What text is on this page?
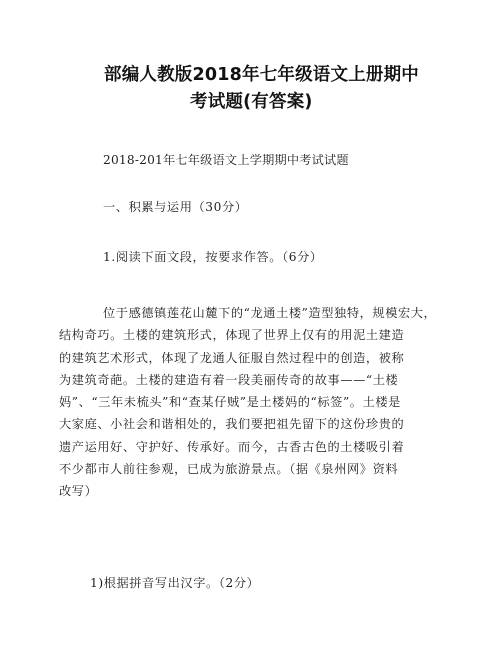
部编人教版2018年七年级语文上册期中
考试题(有答案)
2018-201年七年级语文上学期期中考试试题
一、积累与运用（30分）
1.阅读下面文段，按要求作答。（6分）
位于感德镇莲花山麓下的“龙通土楼”造型独特，规模宏大，
结构奇巧。土楼的建筑形式，体现了世界上仅有的用泥土建造
的建筑艺术形式，体现了龙通人征服自然过程中的创造，被称
为建筑奇葩。土楼的建造有着一段美丽传奇的故事——“土楼
妈”、“三年未梳头”和“查某仔贼”是土楼妈的“标签”。土楼是
大家庭、小社会和谐相处的，我们要把祖先留下的这份珍贵的
遗产运用好、守护好、传承好。而今，古香古色的土楼吸引着
不少都市人前往参观，已成为旅游景点。（据《泉州网》资料
改写）
1)根据拼音写出汉字。（2分）
